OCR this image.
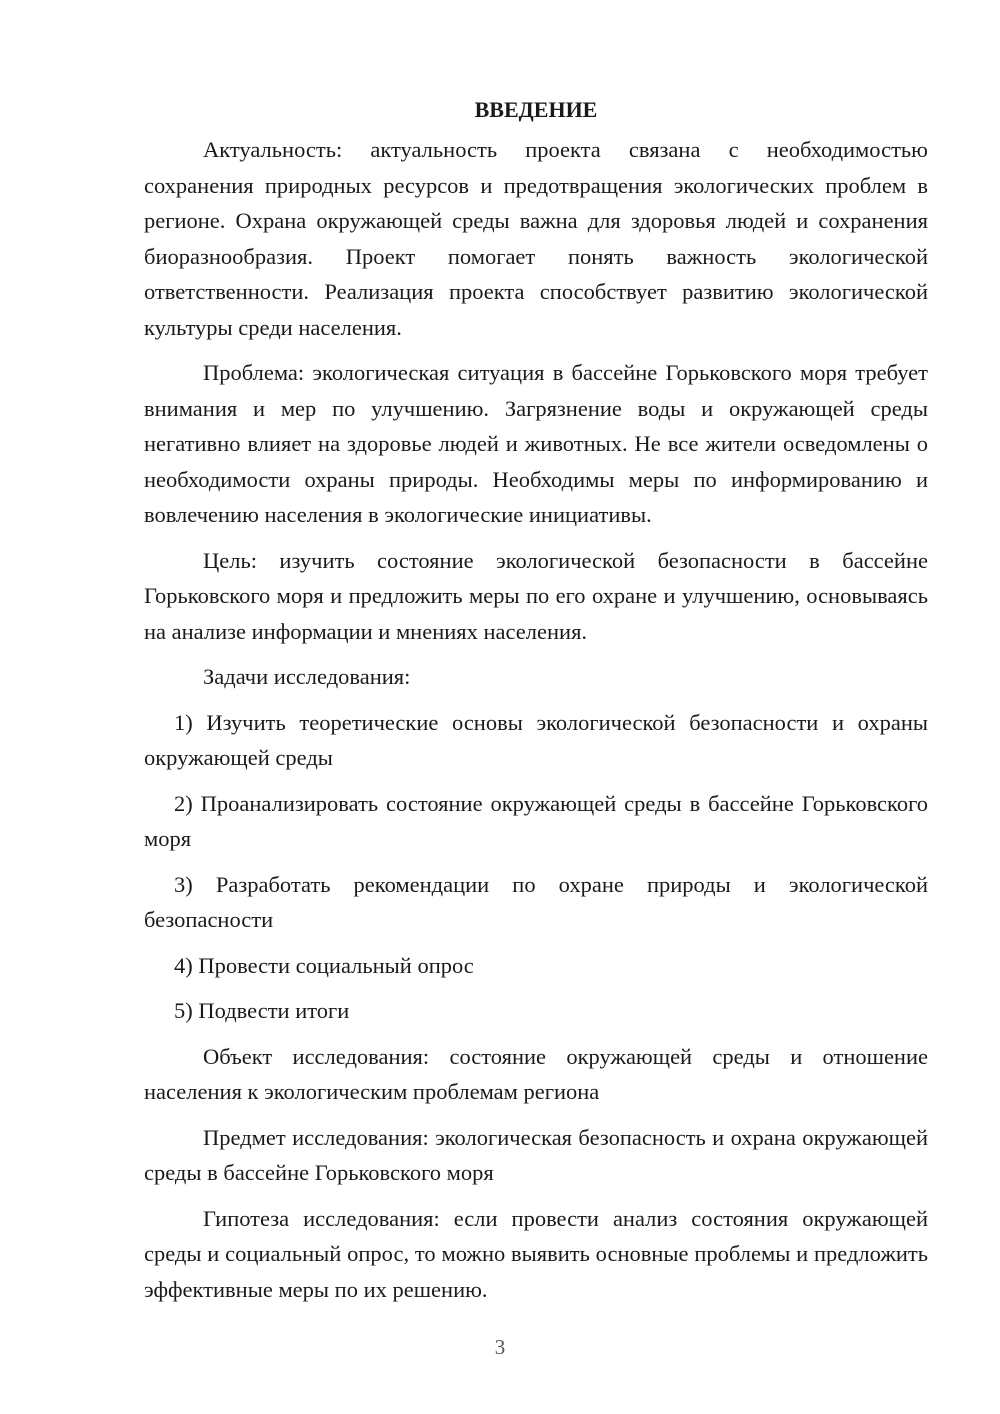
ВВЕДЕНИЕ

Актуальность: актуальность проекта связана с необходимостью сохранения природных ресурсов и предотвращения экологических проблем в регионе. Охрана окружающей среды важна для здоровья людей и сохранения биоразнообразия. Проект помогает понять важность экологической ответственности. Реализация проекта способствует развитию экологической культуры среди населения.

Проблема: экологическая ситуация в бассейне Горьковского моря требует внимания и мер по улучшению. Загрязнение воды и окружающей среды негативно влияет на здоровье людей и животных. Не все жители осведомлены о необходимости охраны природы. Необходимы меры по информированию и вовлечению населения в экологические инициативы.

Цель: изучить состояние экологической безопасности в бассейне Горьковского моря и предложить меры по его охране и улучшению, основываясь на анализе информации и мнениях населения.

Задачи исследования:

1) Изучить теоретические основы экологической безопасности и охраны окружающей среды

2) Проанализировать состояние окружающей среды в бассейне Горьковского моря

3) Разработать рекомендации по охране природы и экологической безопасности

4) Провести социальный опрос

5) Подвести итоги

Объект исследования: состояние окружающей среды и отношение населения к экологическим проблемам региона

Предмет исследования: экологическая безопасность и охрана окружающей среды в бассейне Горьковского моря

Гипотеза исследования: если провести анализ состояния окружающей среды и социальный опрос, то можно выявить основные проблемы и предложить эффективные меры по их решению.

3
